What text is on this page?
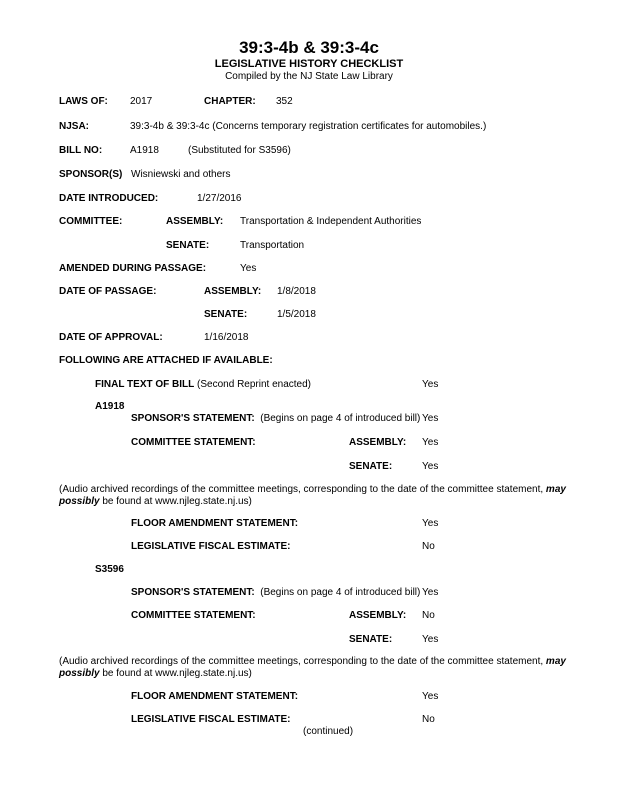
39:3-4b & 39:3-4c
LEGISLATIVE HISTORY CHECKLIST
Compiled by the NJ State Law Library
LAWS OF: 2017	CHAPTER: 352
NJSA:	39:3-4b & 39:3-4c (Concerns temporary registration certificates for automobiles.)
BILL NO:	A1918	(Substituted for S3596)
SPONSOR(S) Wisniewski and others
DATE INTRODUCED:	1/27/2016
COMMITTEE:	ASSEMBLY: Transportation & Independent Authorities
SENATE:	Transportation
AMENDED DURING PASSAGE:	Yes
DATE OF PASSAGE:	ASSEMBLY: 1/8/2018
SENATE:	1/5/2018
DATE OF APPROVAL:	1/16/2018
FOLLOWING ARE ATTACHED IF AVAILABLE:
FINAL TEXT OF BILL (Second Reprint enacted)	Yes
A1918
SPONSOR'S STATEMENT: (Begins on page 4 of introduced bill) Yes
COMMITTEE STATEMENT:	ASSEMBLY: Yes
SENATE:	Yes
(Audio archived recordings of the committee meetings, corresponding to the date of the committee statement, may possibly be found at www.njleg.state.nj.us)
FLOOR AMENDMENT STATEMENT:	Yes
LEGISLATIVE FISCAL ESTIMATE:	No
S3596
SPONSOR'S STATEMENT: (Begins on page 4 of introduced bill) Yes
COMMITTEE STATEMENT:	ASSEMBLY: No
SENATE:	Yes
(Audio archived recordings of the committee meetings, corresponding to the date of the committee statement, may possibly be found at www.njleg.state.nj.us)
FLOOR AMENDMENT STATEMENT:	Yes
LEGISLATIVE FISCAL ESTIMATE:	No
(continued)
